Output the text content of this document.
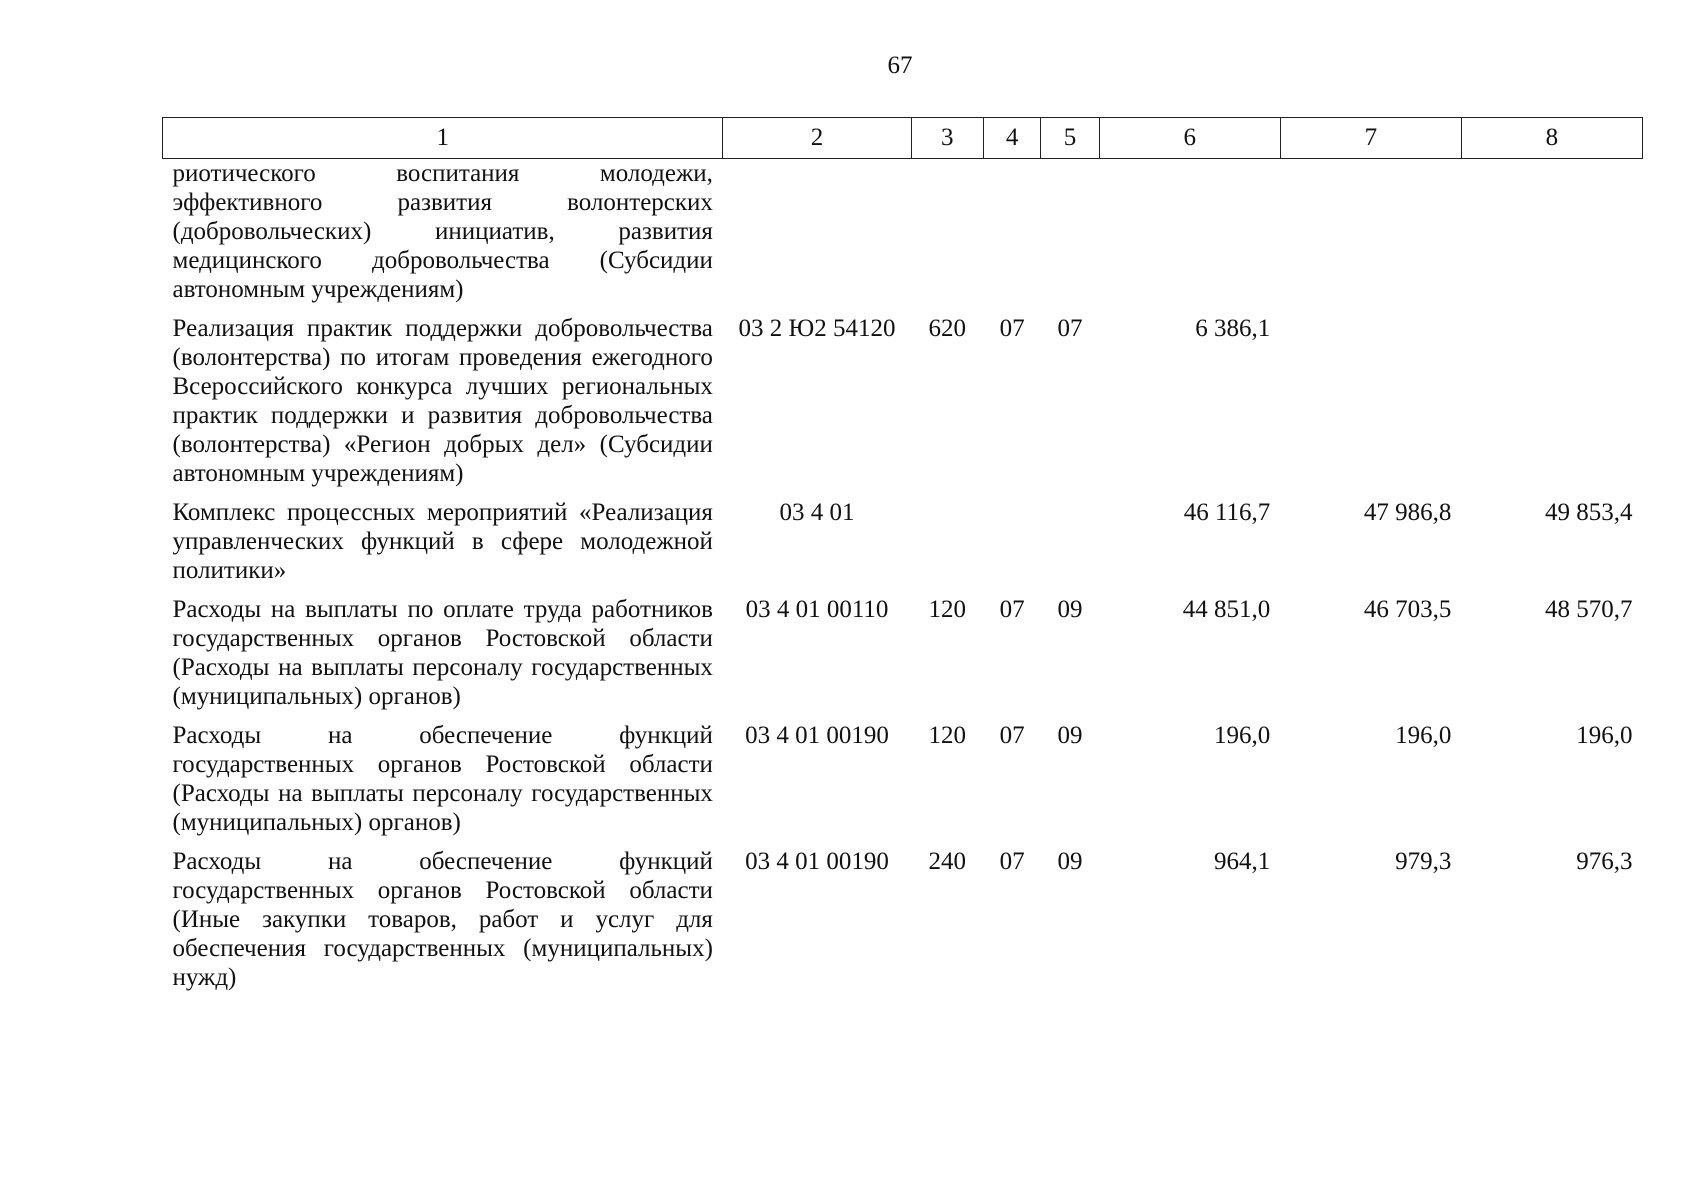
67
1	2	3	4	5	6	7	8
риотического воспитания молодежи, эффективного развития волонтерских (добровольческих) инициатив, развития медицинского добровольчества (Субсидии автономным учреждениям)							
Реализация практик поддержки добровольчества (волонтерства) по итогам проведения ежегодного Всероссийского конкурса лучших региональных практик поддержки и развития добровольчества (волонтерства) «Регион добрых дел» (Субсидии автономным учреждениям)	03 2 Ю2 54120	620	07	07	6 386,1		
Комплекс процессных мероприятий «Реализация управленческих функций в сфере молодежной политики»	03 4 01				46 116,7	47 986,8	49 853,4
Расходы на выплаты по оплате труда работников государственных органов Ростовской области (Расходы на выплаты персоналу государственных (муниципальных) органов)	03 4 01 00110	120	07	09	44 851,0	46 703,5	48 570,7
Расходы на обеспечение функций государственных органов Ростовской области (Расходы на выплаты персоналу государственных (муниципальных) органов)	03 4 01 00190	120	07	09	196,0	196,0	196,0
Расходы на обеспечение функций государственных органов Ростовской области (Иные закупки товаров, работ и услуг для обеспечения государственных (муниципальных) нужд)	03 4 01 00190	240	07	09	964,1	979,3	976,3
